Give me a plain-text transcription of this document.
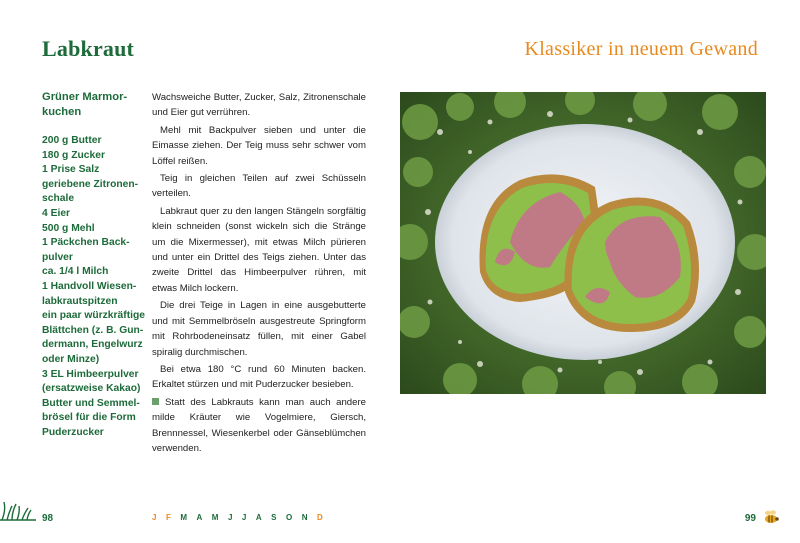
Labkraut
Grüner Marmor-
kuchen
200 g Butter
180 g Zucker
1 Prise Salz
geriebene Zitronen-
schale
4 Eier
500 g Mehl
1 Päckchen Back-
pulver
ca. 1/4 l Milch
1 Handvoll Wiesen-
labkrautspitzen
ein paar würzkräftige
Blättchen (z. B. Gun-
dermann, Engelwurz
oder Minze)
3 EL Himbeerpulver
(ersatzweise Kakao)
Butter und Semmel-
brösel für die Form
Puderzucker

Wachsweiche Butter, Zucker, Salz, Zitronenschale und Eier gut verrühren.

Mehl mit Backpulver sieben und unter die Eimasse ziehen. Der Teig muss sehr schwer vom Löffel reißen.

Teig in gleichen Teilen auf zwei Schüsseln verteilen.

Labkraut quer zu den langen Stängeln sorgfältig klein schneiden (sonst wickeln sich die Stränge um die Mixermesser), mit etwas Milch pürieren und unter ein Drittel des Teigs ziehen. Unter das zweite Drittel das Himbeerpulver rühren, mit etwas Milch lockern.

Die drei Teige in Lagen in eine ausgebutterte und mit Semmelbröseln ausgestreute Springform mit Rohrbodeneinsatz füllen, mit einer Gabel spiralig durchmischen.

Bei etwa 180 °C rund 60 Minuten backen. Erkaltet stürzen und mit Puderzucker besieben.

Statt des Labkrauts kann man auch andere milde Kräuter wie Vogelmiere, Giersch, Brennnessel, Wiesenkerbel oder Gänseblümchen verwenden.

Klassiker in neuem Gewand
98	J F M A M J J A S O N D	99
